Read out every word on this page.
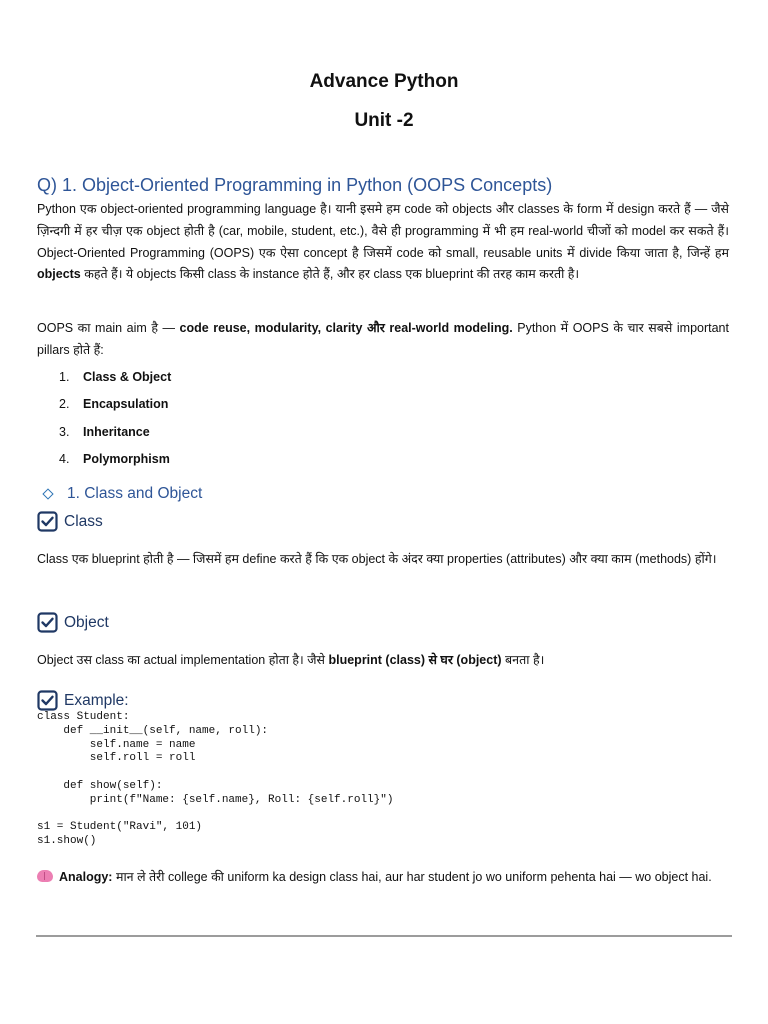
Advance Python
Unit -2
Q) 1. Object-Oriented Programming in Python (OOPS Concepts)
Python एक object-oriented programming language है। यानी इसमे हम code को objects और classes के form में design करते हैं — जैसे ज़िन्दगी में हर चीज़ एक object होती है (car, mobile, student, etc.), वैसे ही programming में भी हम real-world चीजों को model कर सकते हैं। Object-Oriented Programming (OOPS) एक ऐसा concept है जिसमें code को small, reusable units में divide किया जाता है, जिन्हें हम objects कहते हैं। ये objects किसी class के instance होते हैं, और हर class एक blueprint की तरह काम करती है।
OOPS का main aim है — code reuse, modularity, clarity और real-world modeling. Python में OOPS के चार सबसे important pillars होते हैं:
1.	Class & Object
2.	Encapsulation
3.	Inheritance
4.	Polymorphism
1. Class and Object
Class
Class एक blueprint होती है — जिसमें हम define करते हैं कि एक object के अंदर क्या properties (attributes) और क्या काम (methods) होंगे।
Object
Object उस class का actual implementation होता है। जैसे blueprint (class) से घर (object) बनता है।
Example:
class Student:
def __init__(self, name, roll):
self.name = name
self.roll = roll

def show(self):
print(f"Name: {self.name}, Roll: {self.roll}")

s1 = Student("Ravi", 101)
s1.show()
Analogy: मान ले तेरी college की uniform ka design class hai, aur har student jo wo uniform pehenta hai — wo object hai.
